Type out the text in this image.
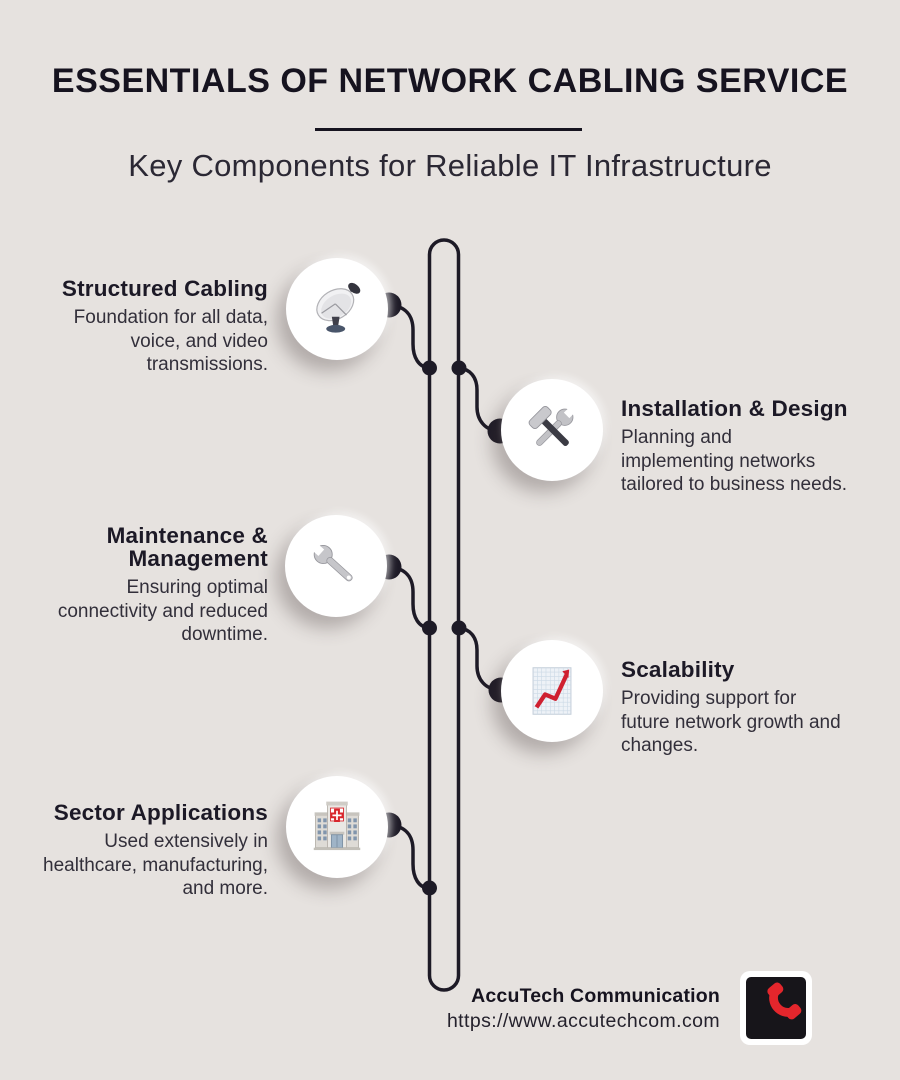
ESSENTIALS OF NETWORK CABLING SERVICE
Key Components for Reliable IT Infrastructure
Structured Cabling

Foundation for all data,
voice, and video
transmissions.

Installation & Design

Planning and
implementing networks
tailored to business needs.

Maintenance &
Management

Ensuring optimal
connectivity and reduced
downtime.

Scalability

Providing support for
future network growth and
changes.

Sector Applications

Used extensively in
healthcare, manufacturing,
and more.

AccuTech Communication

https://www.accutechcom.com
